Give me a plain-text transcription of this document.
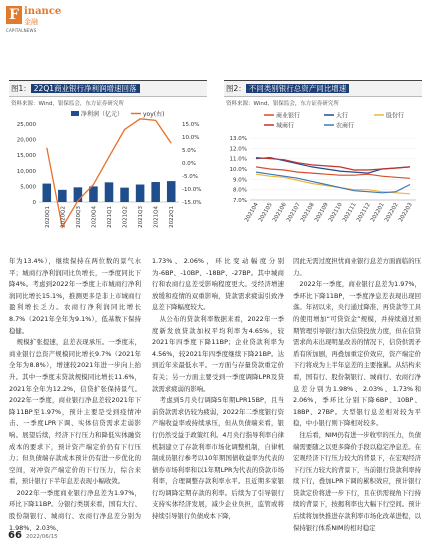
F inance
金融
CAPITALNEWS
图1： 22Q1商业银行净利润增速回落
资料来源：Wind，银保监会，东方证券研究所
净利润（亿元）	yoy(右)
25,000
20,000
15,000
10,000
5,000
0
15.0%
10.0%
5.0%
0.0%
-5.0%
-10.0%
-15.0%
2020Q1 2020Q2 2020Q3 2020Q4 2021Q1 2021Q2 2021Q3 2021Q4 2022Q1
图2： 不同类别银行总资产同比增速
资料来源：Wind，银保监会，东方证券研究所
商业银行	大行	股份行
城商行	农商行
13.0%
12.0%
11.0%
10.0%
9.0%
8.0%
7.0%
202104
202105
202106
202107
202108
202109
202110
202111
202112
202201
202202
202203

年为13.4%），继续保持在两位数的景气水平；城商行净利润同比负增长，一季度同比下降4%。考虑到2022年一季度上市城商行净利润同比增长15.1%，推测更多是非上市城商行盈利增长乏力。农商行净利润同比增长8.7%（2021年全年为9.1%），低基数下保持稳健。

规模扩张提速，息差表现承压。一季度末，商业银行总资产规模同比增长9.7%（2021年全年为8.8%），增速较2021年进一步向上抬升。其中一季度末贷款规模同比增长11.6%，2021年全年为12.2%，信贷扩张保持景气。2022年一季度，商业银行净息差较2021年下降11BP至1.97%，预计主要是受到疫情冲击、一季度LPR下调、实体信贷需求走弱影响。展望后续，经济下行压力和降低实体融资成本的要求下，预计资产端定价仍有下行压力；但负债端存款成本预计仍有进一步优化的空间，对冲资产端定价的下行压力，综合来看，预计银行下半年息差表现小幅收敛。

2022年一季度商业银行净息差为1.97%，环比下降11BP。分银行类别来看，国有大行、股份制银行、城商行、农商行净息差分别为1.98%、2.03%、

1.73%、2.06%，环比变动幅度分别为-6BP、-10BP、-18BP、-27BP。其中城商行和农商行息差受影响程度更大。受经济增速放缓和疫情的双重影响，贷款需求疲弱引致净息差下降幅度较大。

从公布的贷款利率数据来看，2022年一季度新发放贷款加权平均利率为4.65%，较2021年四季度下降11BP；企业贷款利率为4.56%，较2021年四季度继续下降21BP。达到近年来最低水平。一方面与存量贷款重定价有关；另一方面主要受到一季度调降LPR及贷款需求疲弱的影响。

考虑到5月央行调降5年期LPR15BP，且当前贷款需求仍较为疲弱，2022年二季度银行资产端收益率或持续承压，但从负债端来看，银行仍然受益于政策红利。4月央行指导利率自律机制建立了存款利率市场化调整机制，自律机制成员银行参考以10年期国债收益率为代表的债券市场利率和以1年期LPR为代表的贷款市场利率，合理调整存款利率水平。且近期多家银行均调降定期存款的利率。后续为了引导银行支持实体经济发展，减少企业负担，监管或将持续引导银行负债成本下降，

因此无需过度担忧商业银行息差方面面临的压力。

2022年一季度，商业银行息差为1.97%，季环比下降11BP，一季度净息差表现出现回落。年初以来，央行通过降准、再贷款等工具的使用增加“可贷资金”规模，并持续通过预期管理引导银行加大信贷投放力度，但在信贷需求尚未出现明显改善的情况下，信贷供需矛盾有所加剧，再叠加重定价效应，资产端定价下行将成为上半年息差的主要拖累。从结构来看，国有行、股份制银行、城商行、农商行净息差分别为1.98%、2.03%、1.73%和2.06%，季环比分别下降6BP、10BP、18BP、27BP。大型银行息差相对较为平稳，中小银行则下降相对较多。

往后看，NIM仍有进一步收窄的压力，负债端需要随之以更多降价手段以稳定净息差。在宏观经济下行压力较大的背景下，在宏观经济下行压力较大的背景下，当前银行贷款利率持续下行，叠加LPR下调的累积效应，预计银行贷款定价将进一步下行，且在供需视角下行持续的背景下，按揭利率也大幅下行空间。预计后续将加快推进存款利率市场化改革进程，以保持银行体系NIM的相对稳定

66 2022/06/15
